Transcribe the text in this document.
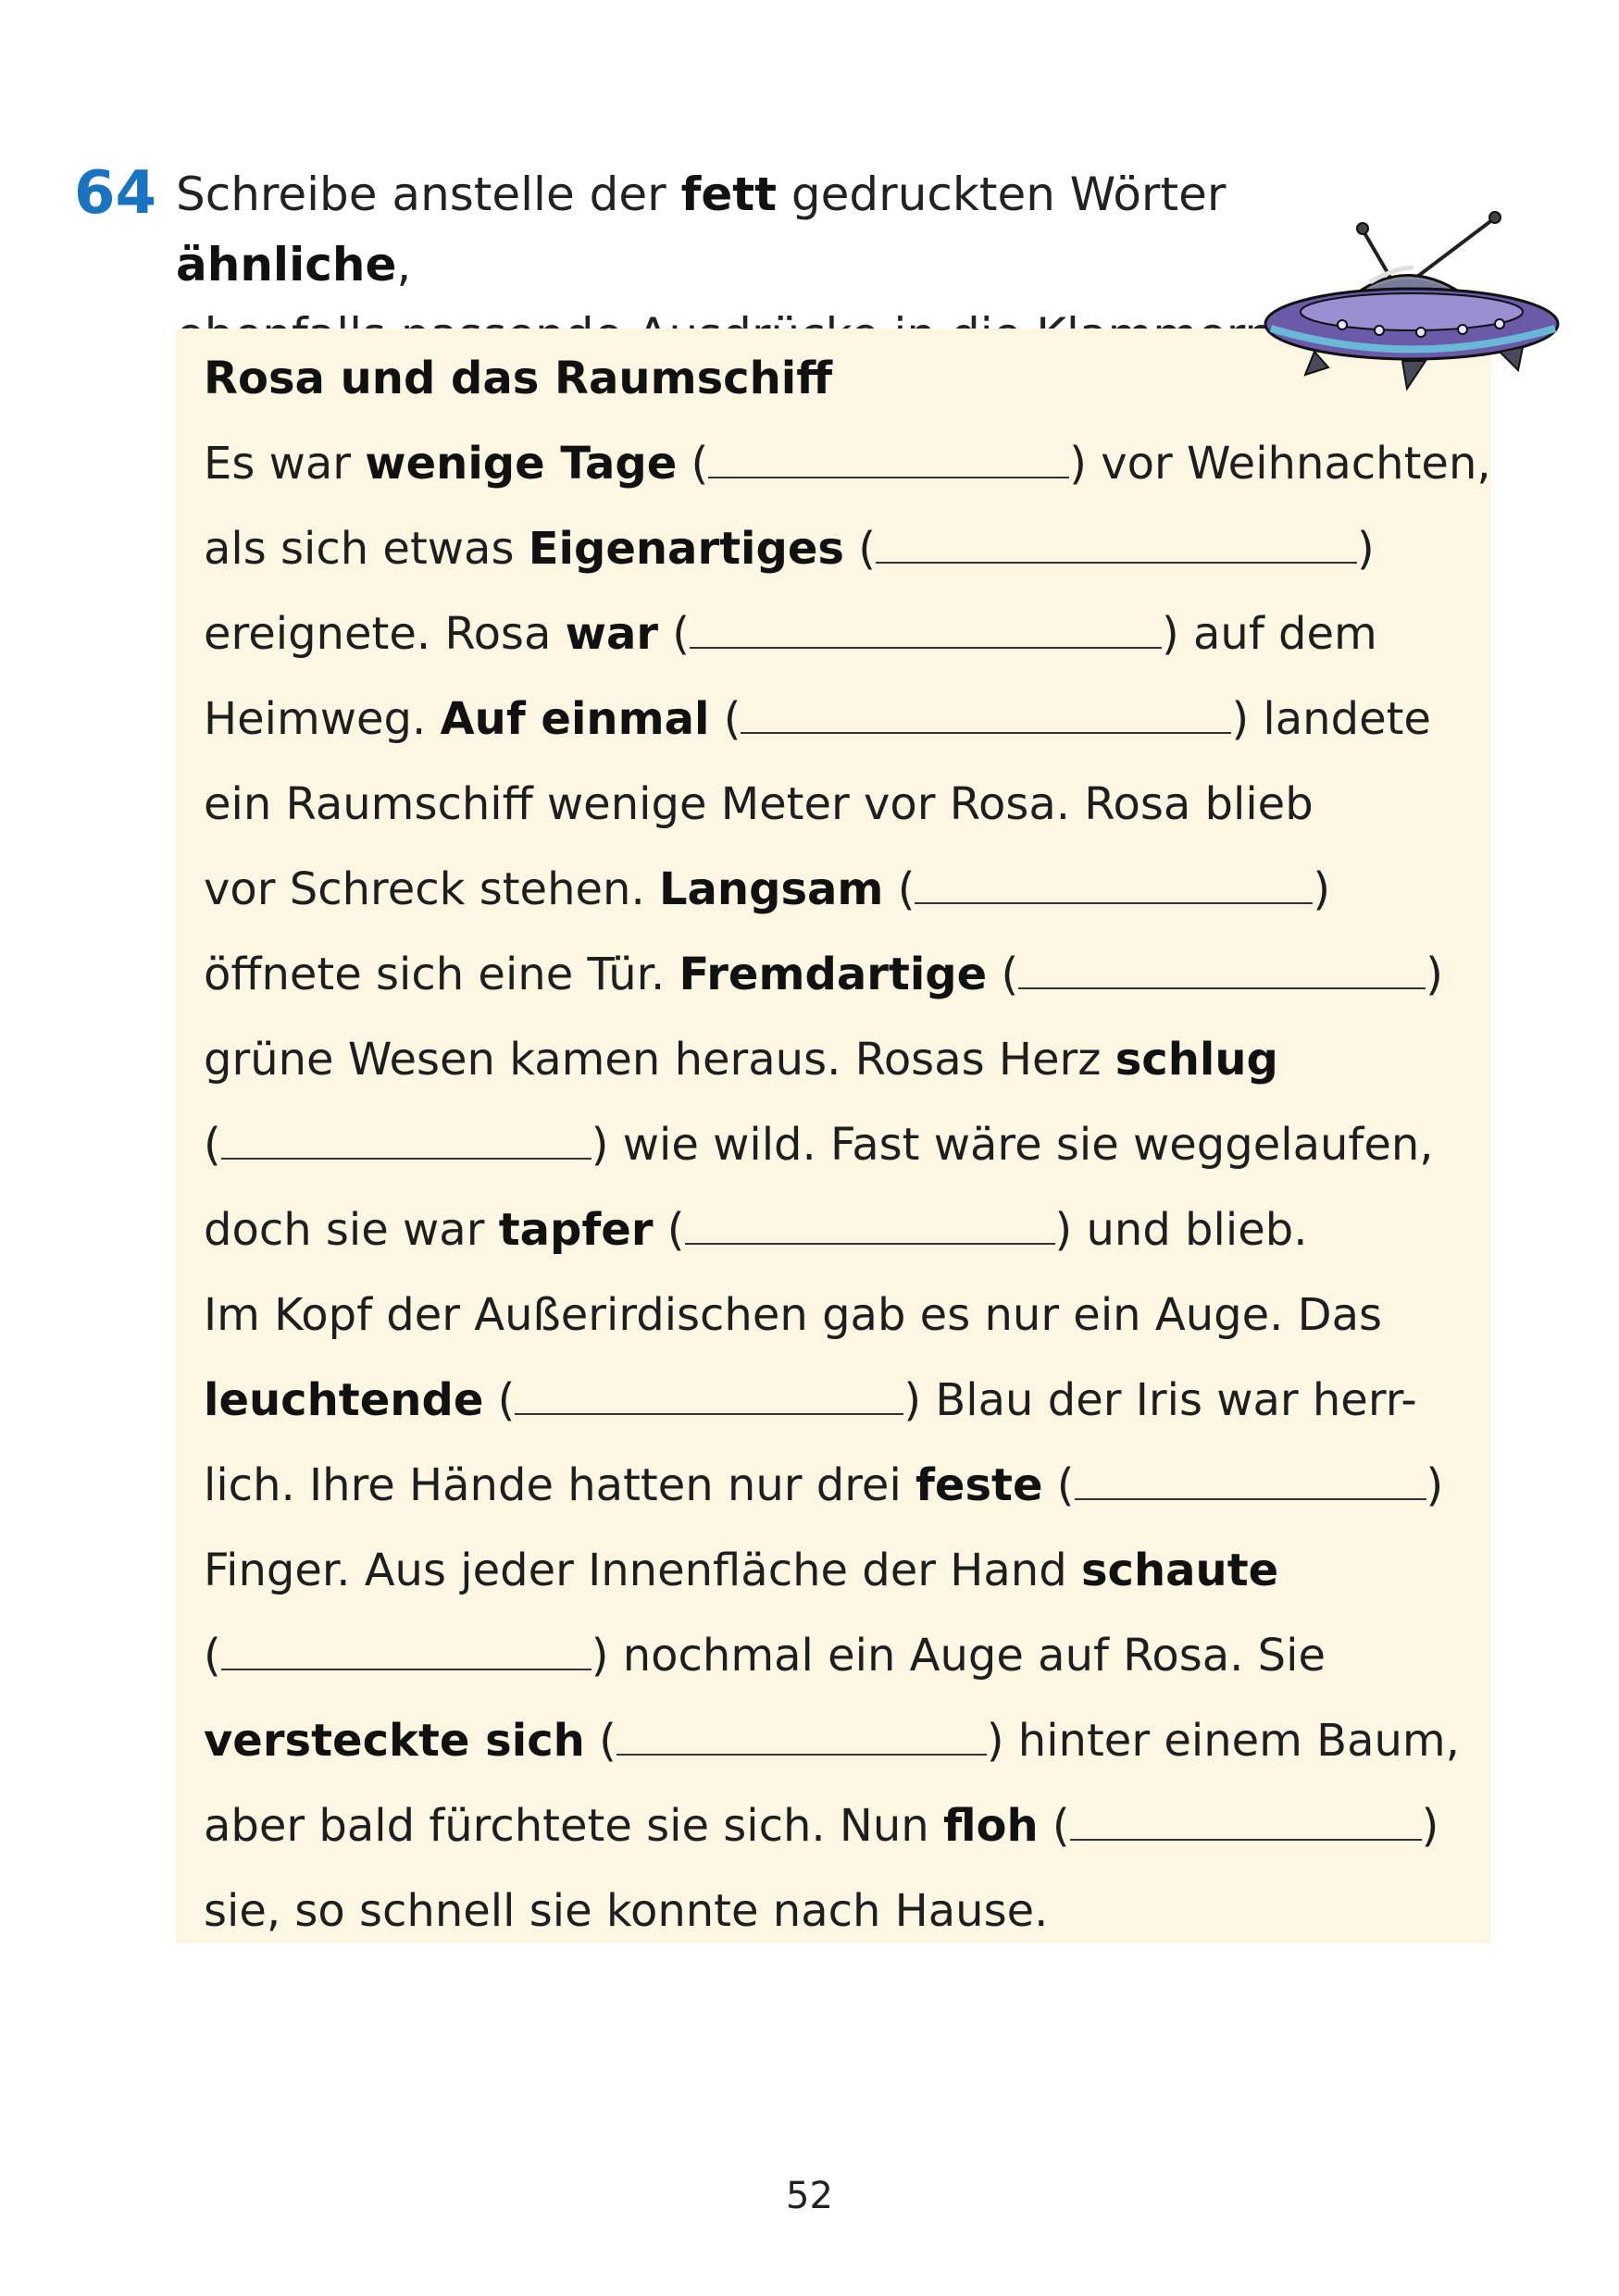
64 Schreibe anstelle der fett gedruckten Wörter ähnliche,

Rosa und das Raumschiff
Es war wenige Tage (	) vor Weihnachten,
als sich etwas Eigenartiges (	)
ereignete. Rosa war (	) auf dem
Heimweg. Auf einmal (	) landete
ein Raumschiff wenige Meter vor Rosa. Rosa blieb
vor Schreck stehen. Langsam (	)
öffnete sich eine Tür. Fremdartige (	)
grüne Wesen kamen heraus. Rosas Herz schlug
(	) wie wild. Fast wäre sie weggelaufen,
doch sie war tapfer (	) und blieb.
Im Kopf der Außerirdischen gab es nur ein Auge. Das
leuchtende (	) Blau der Iris war herr-
lich. Ihre Hände hatten nur drei feste (	)
Finger. Aus jeder Innenfläche der Hand schaute
(	) nochmal ein Auge auf Rosa. Sie
versteckte sich (	) hinter einem Baum,
aber bald fürchtete sie sich. Nun floh (	)
sie, so schnell sie konnte nach Hause.
52
